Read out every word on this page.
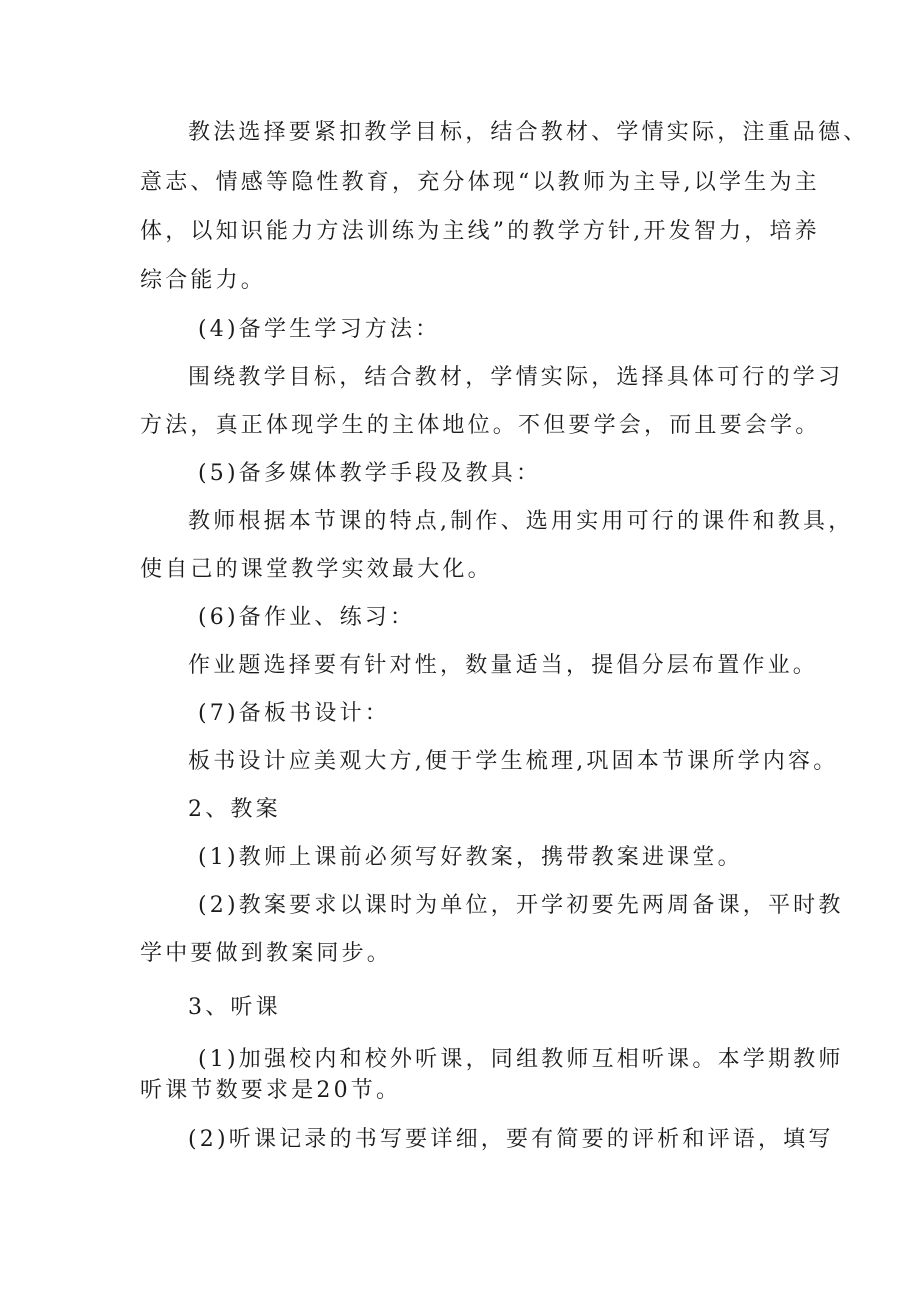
教法选择要紧扣教学目标，结合教材、学情实际，注重品德、
意志、情感等隐性教育，充分体现“以教师为主导,以学生为主
体，以知识能力方法训练为主线”的教学方针,开发智力，培养
综合能力。
(4)备学生学习方法：
围绕教学目标，结合教材，学情实际，选择具体可行的学习
方法，真正体现学生的主体地位。不但要学会，而且要会学。
(5)备多媒体教学手段及教具：
教师根据本节课的特点,制作、选用实用可行的课件和教具，
使自己的课堂教学实效最大化。
(6)备作业、练习：
作业题选择要有针对性，数量适当，提倡分层布置作业。
(7)备板书设计：
板书设计应美观大方,便于学生梳理,巩固本节课所学内容。
2、教案
(1)教师上课前必须写好教案，携带教案进课堂。
(2)教案要求以课时为单位，开学初要先两周备课，平时教
学中要做到教案同步。
3、听课
(1)加强校内和校外听课，同组教师互相听课。本学期教师
听课节数要求是20节。
(2)听课记录的书写要详细，要有简要的评析和评语，填写
